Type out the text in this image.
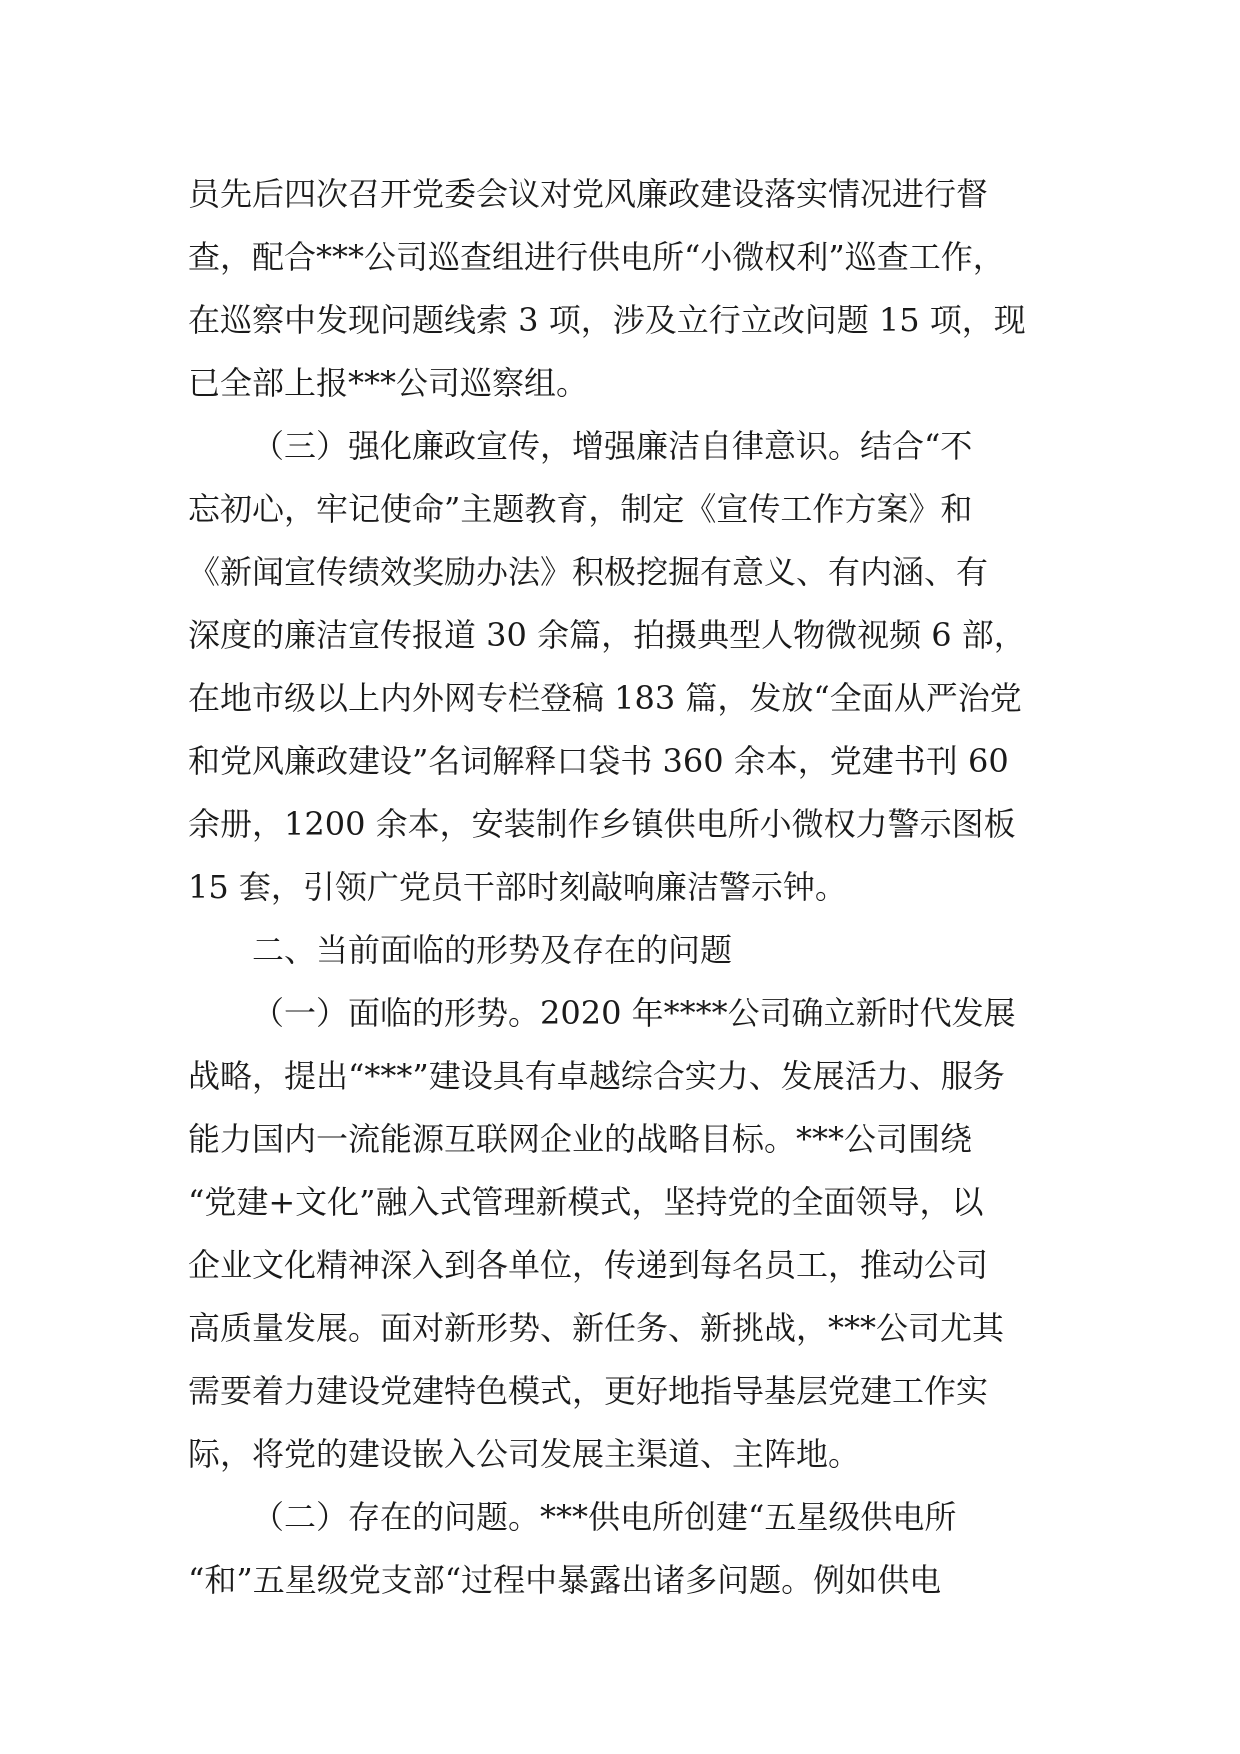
员先后四次召开党委会议对党风廉政建设落实情况进行督
查，配合***公司巡查组进行供电所“小微权利”巡查工作，
在巡察中发现问题线索 3 项，涉及立行立改问题 15 项，现
已全部上报***公司巡察组。
（三）强化廉政宣传，增强廉洁自律意识。结合“不
忘初心，牢记使命”主题教育，制定《宣传工作方案》和
《新闻宣传绩效奖励办法》积极挖掘有意义、有内涵、有
深度的廉洁宣传报道 30 余篇，拍摄典型人物微视频 6 部，
在地市级以上内外网专栏登稿 183 篇，发放“全面从严治党
和党风廉政建设”名词解释口袋书 360 余本，党建书刊 60
余册，1200 余本，安装制作乡镇供电所小微权力警示图板
15 套，引领广党员干部时刻敲响廉洁警示钟。
二、当前面临的形势及存在的问题
（一）面临的形势。2020 年****公司确立新时代发展
战略，提出“***”建设具有卓越综合实力、发展活力、服务
能力国内一流能源互联网企业的战略目标。***公司围绕
“党建+文化”融入式管理新模式，坚持党的全面领导，以
企业文化精神深入到各单位，传递到每名员工，推动公司
高质量发展。面对新形势、新任务、新挑战，***公司尤其
需要着力建设党建特色模式，更好地指导基层党建工作实
际，将党的建设嵌入公司发展主渠道、主阵地。
（二）存在的问题。***供电所创建“五星级供电所
“和”五星级党支部“过程中暴露出诸多问题。例如供电
